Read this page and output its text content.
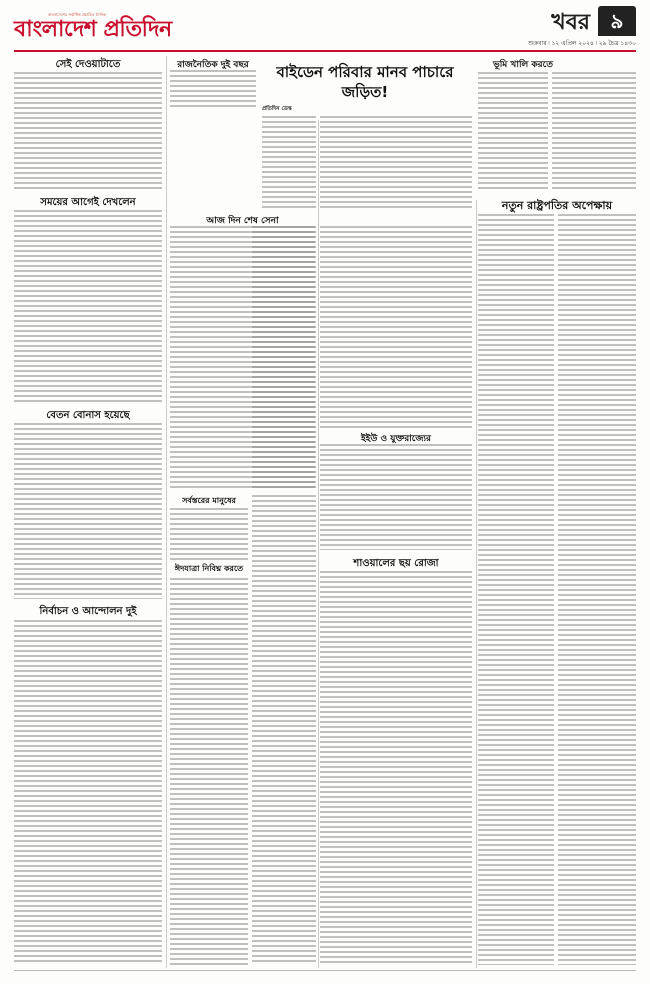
বাংলাদেশের সর্বাধিক প্রচারিত দৈনিক
বাংলাদেশ প্রতিদিন	খবর	৯
শুক্রবার ৷ ১২ এপ্রিল ২০২৪ ৷ ২৯ চৈত্র ১৪৩০
সেই দেওয়াটাতে
সময়ের আগেই দেখলেন
বেতন বোনাস হয়েছে
নির্বাচন ও আন্দোলন দুই
রাজনৈতিক দুই বছর
আজ দিন শেষ সেনা
সর্বস্তরের মানুষের
ঈদযাত্রা নিবিঘ্ন করতে
বাইডেন পরিবার মানব পাচারে জড়িত!
প্রতিদিন ডেস্ক
ইইউ ও যুক্তরাজ্যের
শাওয়ালের ছয় রোজা
ভূমি খালি করতে
নতুন রাষ্ট্রপতির অপেক্ষায়
